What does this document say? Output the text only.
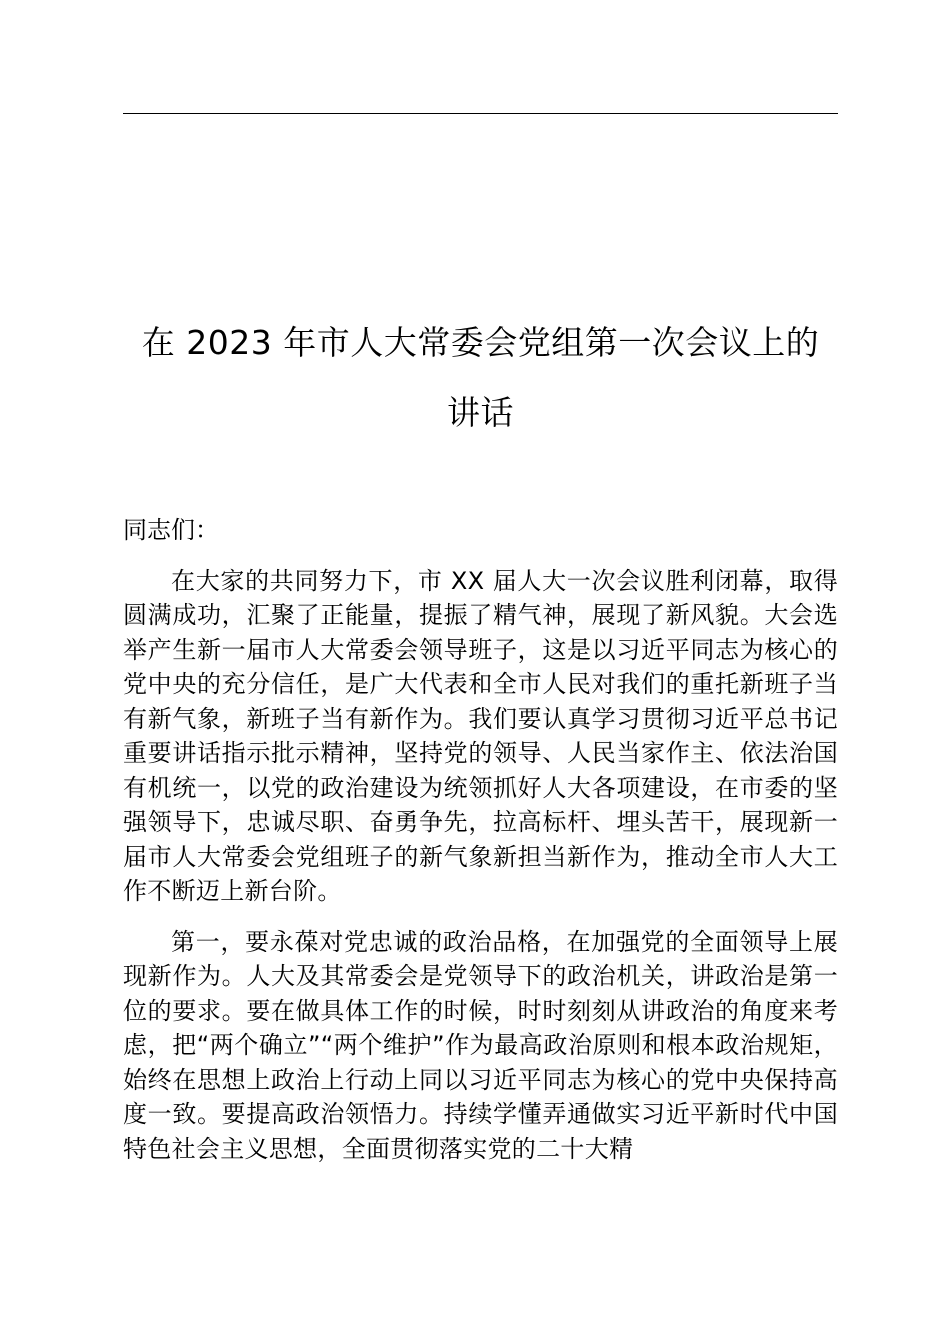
在 2023 年市人大常委会党组第一次会议上的
讲话

同志们：

在大家的共同努力下，市 XX 届人大一次会议胜利闭幕，取得圆满成功，汇聚了正能量，提振了精气神，展现了新风貌。大会选举产生新一届市人大常委会领导班子，这是以习近平同志为核心的党中央的充分信任，是广大代表和全市人民对我们的重托新班子当有新气象，新班子当有新作为。我们要认真学习贯彻习近平总书记重要讲话指示批示精神，坚持党的领导、人民当家作主、依法治国有机统一，以党的政治建设为统领抓好人大各项建设，在市委的坚强领导下，忠诚尽职、奋勇争先，拉高标杆、埋头苦干，展现新一届市人大常委会党组班子的新气象新担当新作为，推动全市人大工作不断迈上新台阶。

第一，要永葆对党忠诚的政治品格，在加强党的全面领导上展现新作为。人大及其常委会是党领导下的政治机关，讲政治是第一位的要求。要在做具体工作的时候，时时刻刻从讲政治的角度来考虑，把“两个确立”“两个维护”作为最高政治原则和根本政治规矩，始终在思想上政治上行动上同以习近平同志为核心的党中央保持高度一致。要提高政治领悟力。持续学懂弄通做实习近平新时代中国特色社会主义思想，全面贯彻落实党的二十大精
